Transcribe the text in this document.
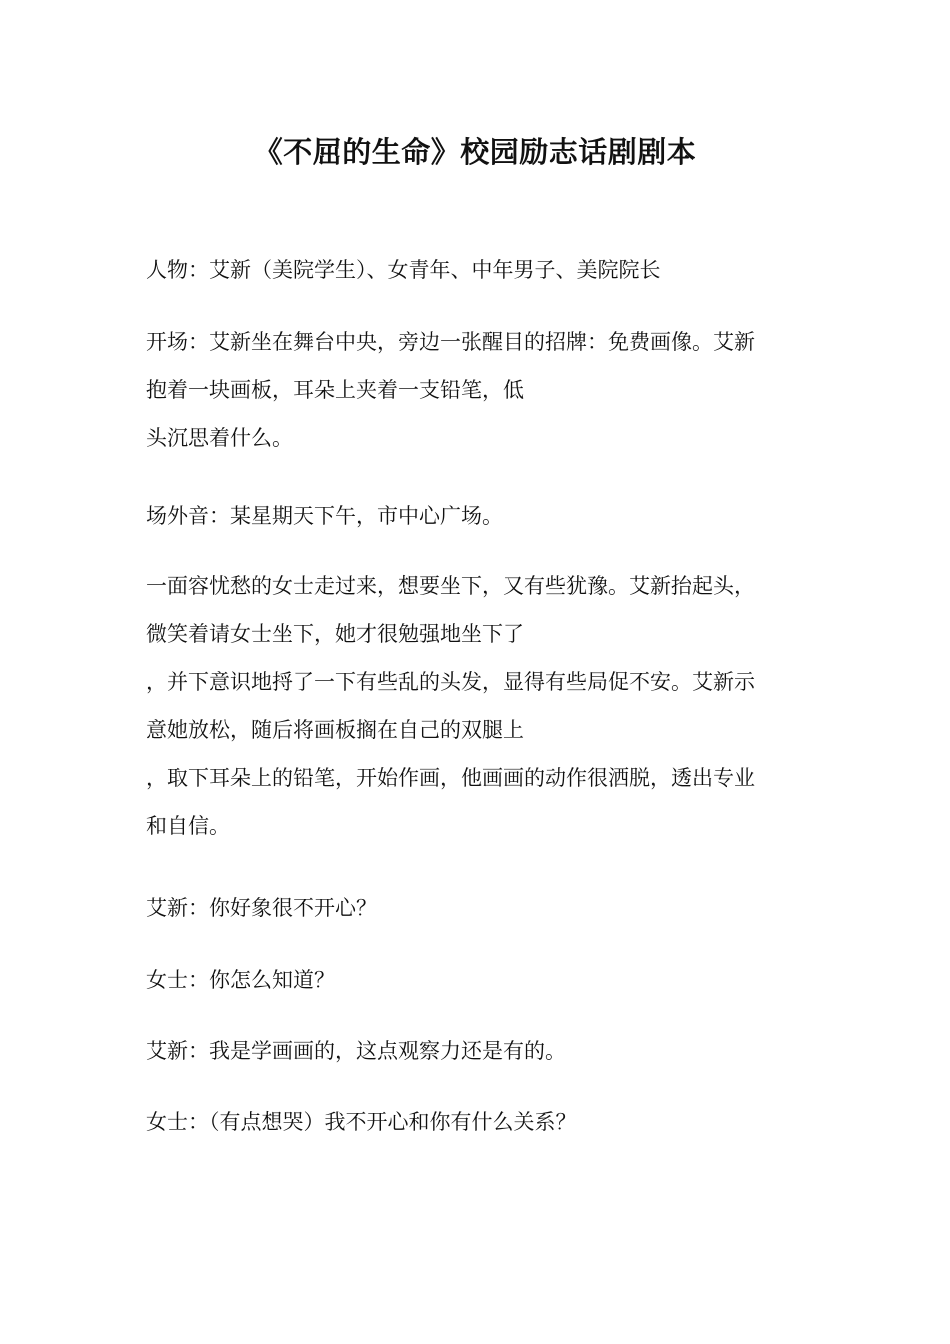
《不屈的生命》校园励志话剧剧本

人物：艾新（美院学生）、女青年、中年男子、美院院长

开场：艾新坐在舞台中央，旁边一张醒目的招牌：免费画像。艾新
抱着一块画板，耳朵上夹着一支铅笔，低
头沉思着什么。

场外音：某星期天下午，市中心广场。

一面容忧愁的女士走过来，想要坐下，又有些犹豫。艾新抬起头，
微笑着请女士坐下，她才很勉强地坐下了
，并下意识地捋了一下有些乱的头发，显得有些局促不安。艾新示
意她放松，随后将画板搁在自己的双腿上
，取下耳朵上的铅笔，开始作画，他画画的动作很洒脱，透出专业
和自信。

艾新：你好象很不开心？

女士：你怎么知道？

艾新：我是学画画的，这点观察力还是有的。

女士：（有点想哭）我不开心和你有什么关系？
